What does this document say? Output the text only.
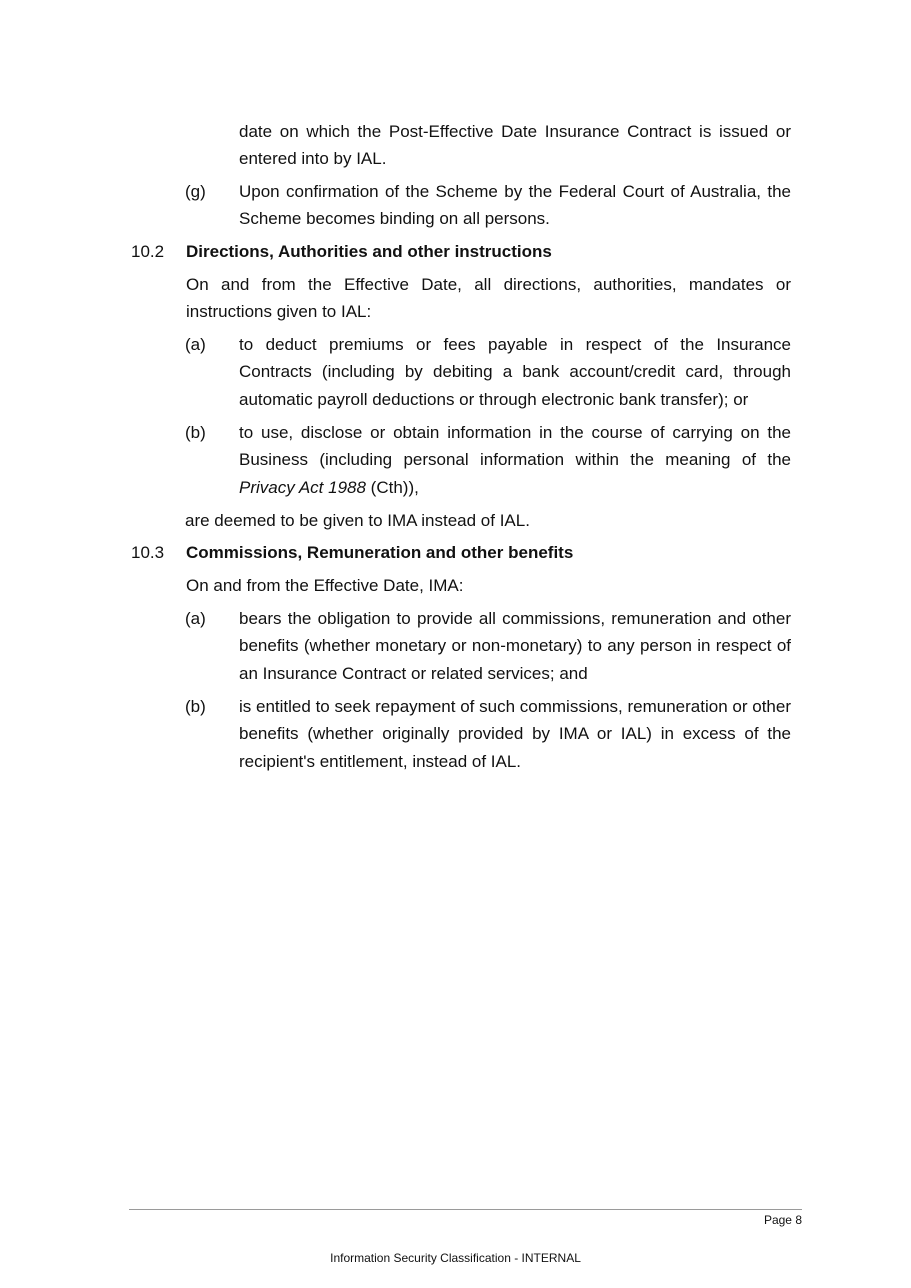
date on which the Post-Effective Date Insurance Contract is issued or entered into by IAL.

(g) Upon confirmation of the Scheme by the Federal Court of Australia, the Scheme becomes binding on all persons.

10.2 Directions, Authorities and other instructions

On and from the Effective Date, all directions, authorities, mandates or instructions given to IAL:

(a) to deduct premiums or fees payable in respect of the Insurance Contracts (including by debiting a bank account/credit card, through automatic payroll deductions or through electronic bank transfer); or

(b) to use, disclose or obtain information in the course of carrying on the Business (including personal information within the meaning of the Privacy Act 1988 (Cth)),

are deemed to be given to IMA instead of IAL.

10.3 Commissions, Remuneration and other benefits

On and from the Effective Date, IMA:

(a) bears the obligation to provide all commissions, remuneration and other benefits (whether monetary or non-monetary) to any person in respect of an Insurance Contract or related services; and

(b) is entitled to seek repayment of such commissions, remuneration or other benefits (whether originally provided by IMA or IAL) in excess of the recipient's entitlement, instead of IAL.

Page 8
Information Security Classification - INTERNAL
